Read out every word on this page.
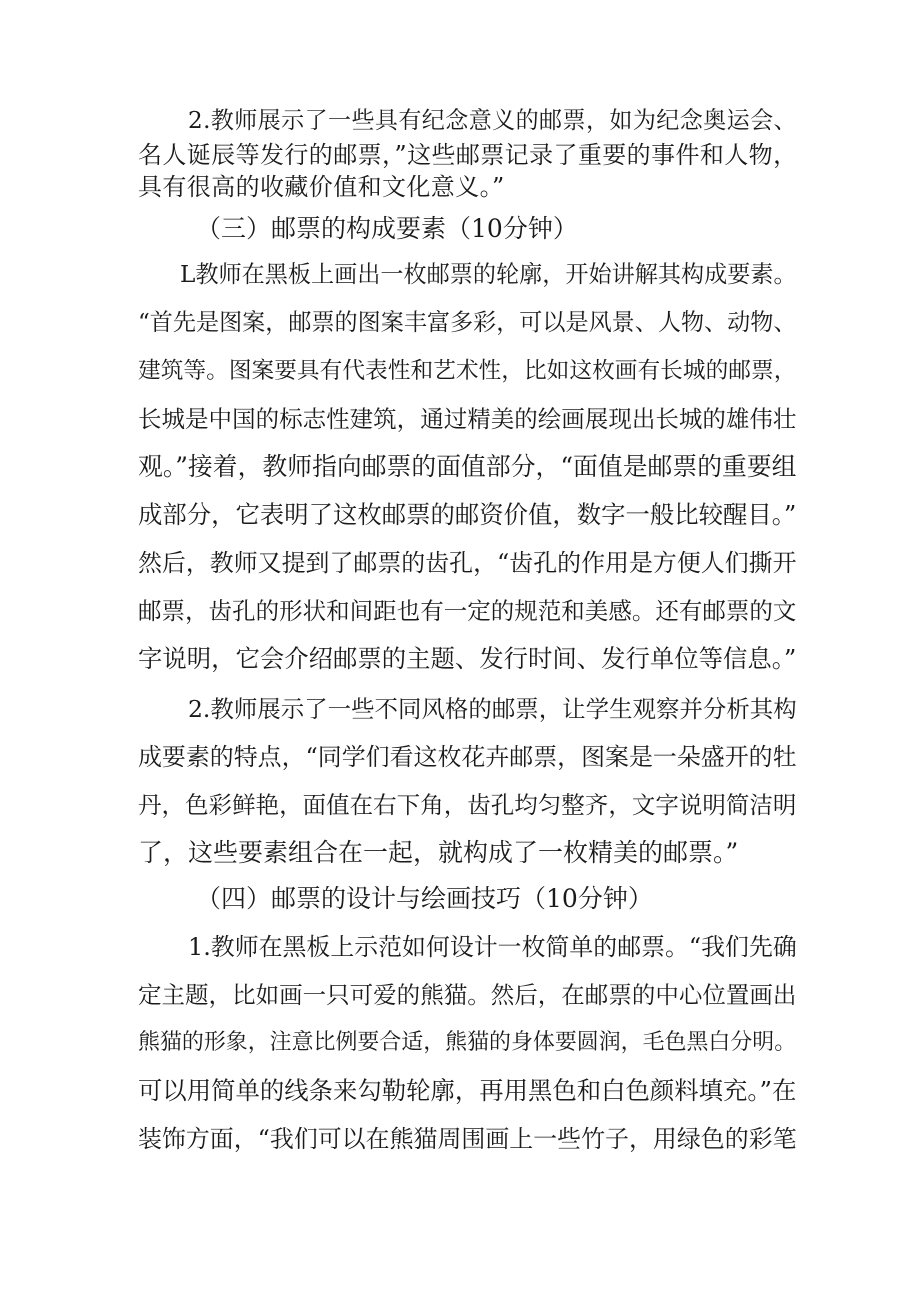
2.教师展示了一些具有纪念意义的邮票，如为纪念奥运会、
名人诞辰等发行的邮票，”这些邮票记录了重要的事件和人物，
具有很高的收藏价值和文化意义。”
（三）邮票的构成要素（10分钟）
L教师在黑板上画出一枚邮票的轮廓，开始讲解其构成要素。
“首先是图案，邮票的图案丰富多彩，可以是风景、人物、动物、
建筑等。图案要具有代表性和艺术性，比如这枚画有长城的邮票，
长城是中国的标志性建筑，通过精美的绘画展现出长城的雄伟壮
观。”接着，教师指向邮票的面值部分，“面值是邮票的重要组
成部分，它表明了这枚邮票的邮资价值，数字一般比较醒目。”
然后，教师又提到了邮票的齿孔，“齿孔的作用是方便人们撕开
邮票，齿孔的形状和间距也有一定的规范和美感。还有邮票的文
字说明，它会介绍邮票的主题、发行时间、发行单位等信息。”
2.教师展示了一些不同风格的邮票，让学生观察并分析其构
成要素的特点，“同学们看这枚花卉邮票，图案是一朵盛开的牡
丹，色彩鲜艳，面值在右下角，齿孔均匀整齐，文字说明简洁明
了，这些要素组合在一起，就构成了一枚精美的邮票。”
（四）邮票的设计与绘画技巧（10分钟）
1.教师在黑板上示范如何设计一枚简单的邮票。“我们先确
定主题，比如画一只可爱的熊猫。然后，在邮票的中心位置画出
熊猫的形象，注意比例要合适，熊猫的身体要圆润，毛色黑白分明。
可以用简单的线条来勾勒轮廓，再用黑色和白色颜料填充。”在
装饰方面，“我们可以在熊猫周围画上一些竹子，用绿色的彩笔
